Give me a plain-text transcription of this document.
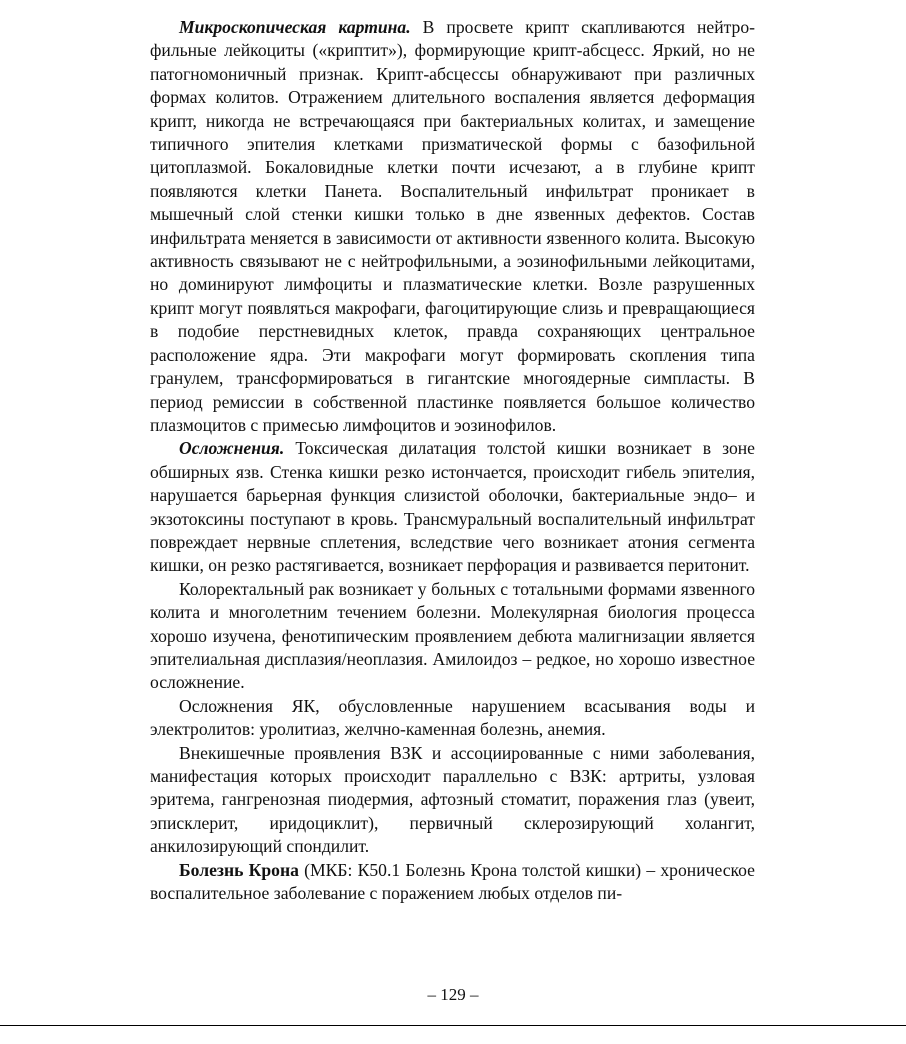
Микроскопическая картина. В просвете крипт скапливаются нейтрофильные лейкоциты («криптит»), формирующие крипт-абсцесс. Яркий, но не патогномоничный признак. Крипт-абсцессы обнаруживают при различных формах колитов. Отражением длительного воспаления является деформация крипт, никогда не встречающаяся при бактериальных колитах, и замещение типичного эпителия клетками призматической формы с базофильной цитоплазмой. Бокаловидные клетки почти исчезают, а в глубине крипт появляются клетки Панета. Воспалительный инфильтрат проникает в мышечный слой стенки кишки только в дне язвенных дефектов. Состав инфильтрата меняется в зависимости от активности язвенного колита. Высокую активность связывают не с нейтрофильными, а эозинофильными лейкоцитами, но доминируют лимфоциты и плазматические клетки. Возле разрушенных крипт могут появляться макрофаги, фагоцитирующие слизь и превращающиеся в подобие перстневидных клеток, правда сохраняющих центральное расположение ядра. Эти макрофаги могут формировать скопления типа гранулем, трансформироваться в гигантские многоядерные симпласты. В период ремиссии в собственной пластинке появляется большое количество плазмоцитов с примесью лимфоцитов и эозинофилов.

Осложнения. Токсическая дилатация толстой кишки возникает в зоне обширных язв. Стенка кишки резко истончается, происходит гибель эпителия, нарушается барьерная функция слизистой оболочки, бактериальные эндо– и экзотоксины поступают в кровь. Трансмуральный воспалительный инфильтрат повреждает нервные сплетения, вследствие чего возникает атония сегмента кишки, он резко растягивается, возникает перфорация и развивается перитонит.

Колоректальный рак возникает у больных с тотальными формами язвенного колита и многолетним течением болезни. Молекулярная биология процесса хорошо изучена, фенотипическим проявлением дебюта малигнизации является эпителиальная дисплазия/неоплазия. Амилоидоз – редкое, но хорошо известное осложнение.

Осложнения ЯК, обусловленные нарушением всасывания воды и электролитов: уролитиаз, желчно-каменная болезнь, анемия.

Внекишечные проявления ВЗК и ассоциированные с ними заболевания, манифестация которых происходит параллельно с ВЗК: артриты, узловая эритема, гангренозная пиодермия, афтозный стоматит, поражения глаз (увеит, эписклерит, иридоциклит), первичный склерозирующий холангит, анкилозирующий спондилит.

Болезнь Крона (МКБ: К50.1 Болезнь Крона толстой кишки) – хроническое воспалительное заболевание с поражением любых отделов пи-

– 129 –
